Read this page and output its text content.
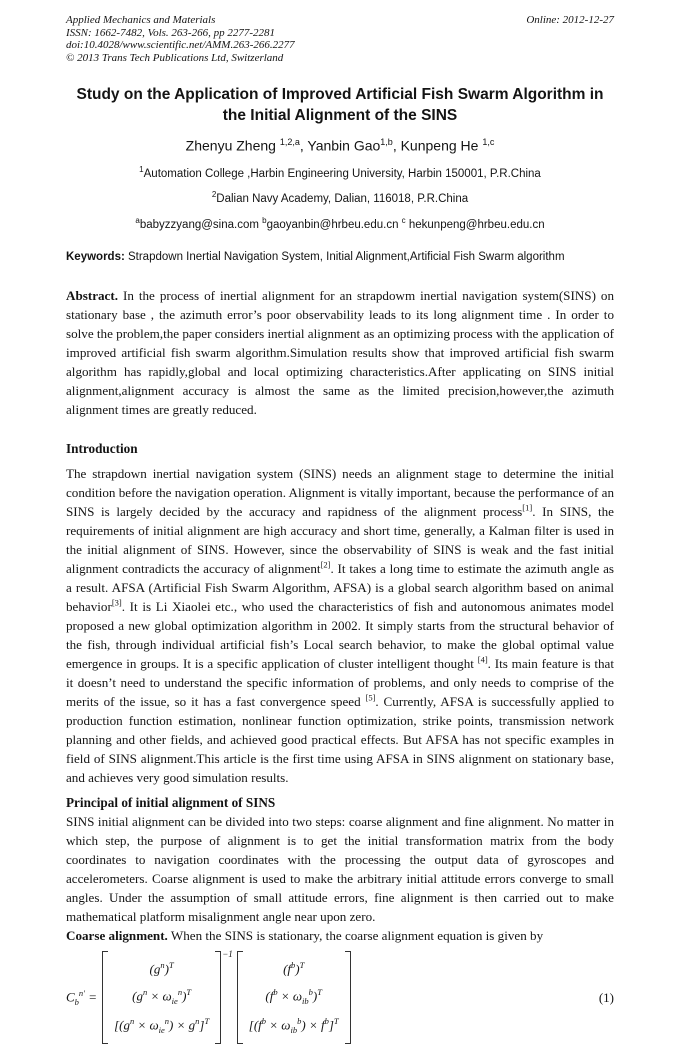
Applied Mechanics and Materials
ISSN: 1662-7482, Vols. 263-266, pp 2277-2281
doi:10.4028/www.scientific.net/AMM.263-266.2277
© 2013 Trans Tech Publications Ltd, Switzerland
Online: 2012-12-27
Study on the Application of Improved Artificial Fish Swarm Algorithm in the Initial Alignment of the SINS
Zhenyu Zheng $^{1,2,a}$, Yanbin Gao$^{1,b}$, Kunpeng He $^{1,c}$
$^1$Automation College ,Harbin Engineering University, Harbin 150001, P.R.China
$^2$Dalian Navy Academy, Dalian, 116018, P.R.China
$^a$babyzzyang@sina.com $^b$gaoyanbin@hrbeu.edu.cn $^c$ hekunpeng@hrbeu.edu.cn
Keywords: Strapdown Inertial Navigation System, Initial Alignment,Artificial Fish Swarm algorithm
Abstract. In the process of inertial alignment for an strapdowm inertial navigation system(SINS) on stationary base , the azimuth error’s poor observability leads to its long alignment time . In order to solve the problem,the paper considers inertial alignment as an optimizing process with the application of improved artificial fish swarm algorithm.Simulation results show that improved artificial fish swarm algorithm has rapidly,global and local optimizing characteristics.After applicating on SINS initial alignment,alignment accuracy is almost the same as the limited precision,however,the azimuth alignment times are greatly reduced.
Introduction
The strapdown inertial navigation system (SINS) needs an alignment stage to determine the initial condition before the navigation operation. Alignment is vitally important, because the performance of an SINS is largely decided by the accuracy and rapidness of the alignment process[1]. In SINS, the requirements of initial alignment are high accuracy and short time, generally, a Kalman filter is used in the initial alignment of SINS. However, since the observability of SINS is weak and the fast initial alignment contradicts the accuracy of alignment[2]. It takes a long time to estimate the azimuth angle as a result. AFSA (Artificial Fish Swarm Algorithm, AFSA) is a global search algorithm based on animal behavior[3]. It is Li Xiaolei etc., who used the characteristics of fish and autonomous animates model proposed a new global optimization algorithm in 2002. It simply starts from the structural behavior of the fish, through individual artificial fish’s Local search behavior, to make the global optimal value emergence in groups. It is a specific application of cluster intelligent thought [4]. Its main feature is that it doesn’t need to understand the specific information of problems, and only needs to comprise of the merits of the issue, so it has a fast convergence speed [5]. Currently, AFSA is successfully applied to production function estimation, nonlinear function optimization, strike points, transmission network planning and other fields, and achieved good practical effects. But AFSA has not specific examples in field of SINS alignment.This article is the first time using AFSA in SINS alignment on stationary base, and achieves very good simulation results.
Principal of initial alignment of SINS
SINS initial alignment can be divided into two steps: coarse alignment and fine alignment. No matter in which step, the purpose of alignment is to get the initial transformation matrix from the body coordinates to navigation coordinates with the processing the output data of gyroscopes and accelerometers. Coarse alignment is used to make the arbitrary initial attitude errors converge to small angles. Under the assumption of small attitude errors, fine alignment is then carried out to make mathematical platform misalignment angle near upon zero.
Coarse alignment. When the SINS is stationary, the coarse alignment equation is given by
$C_b^{n'}$ =
$(g^n)^T$
$(g^n \times \omega_{ie}^n)^T$
$[(g^n \times \omega_{ie}^n) \times g^n]^T$
−1
$(f^b)^T$
$(f^b \times \omega_{ib}^b)^T$
$[(f^b \times \omega_{ib}^b) \times f^b]^T$
(1)
